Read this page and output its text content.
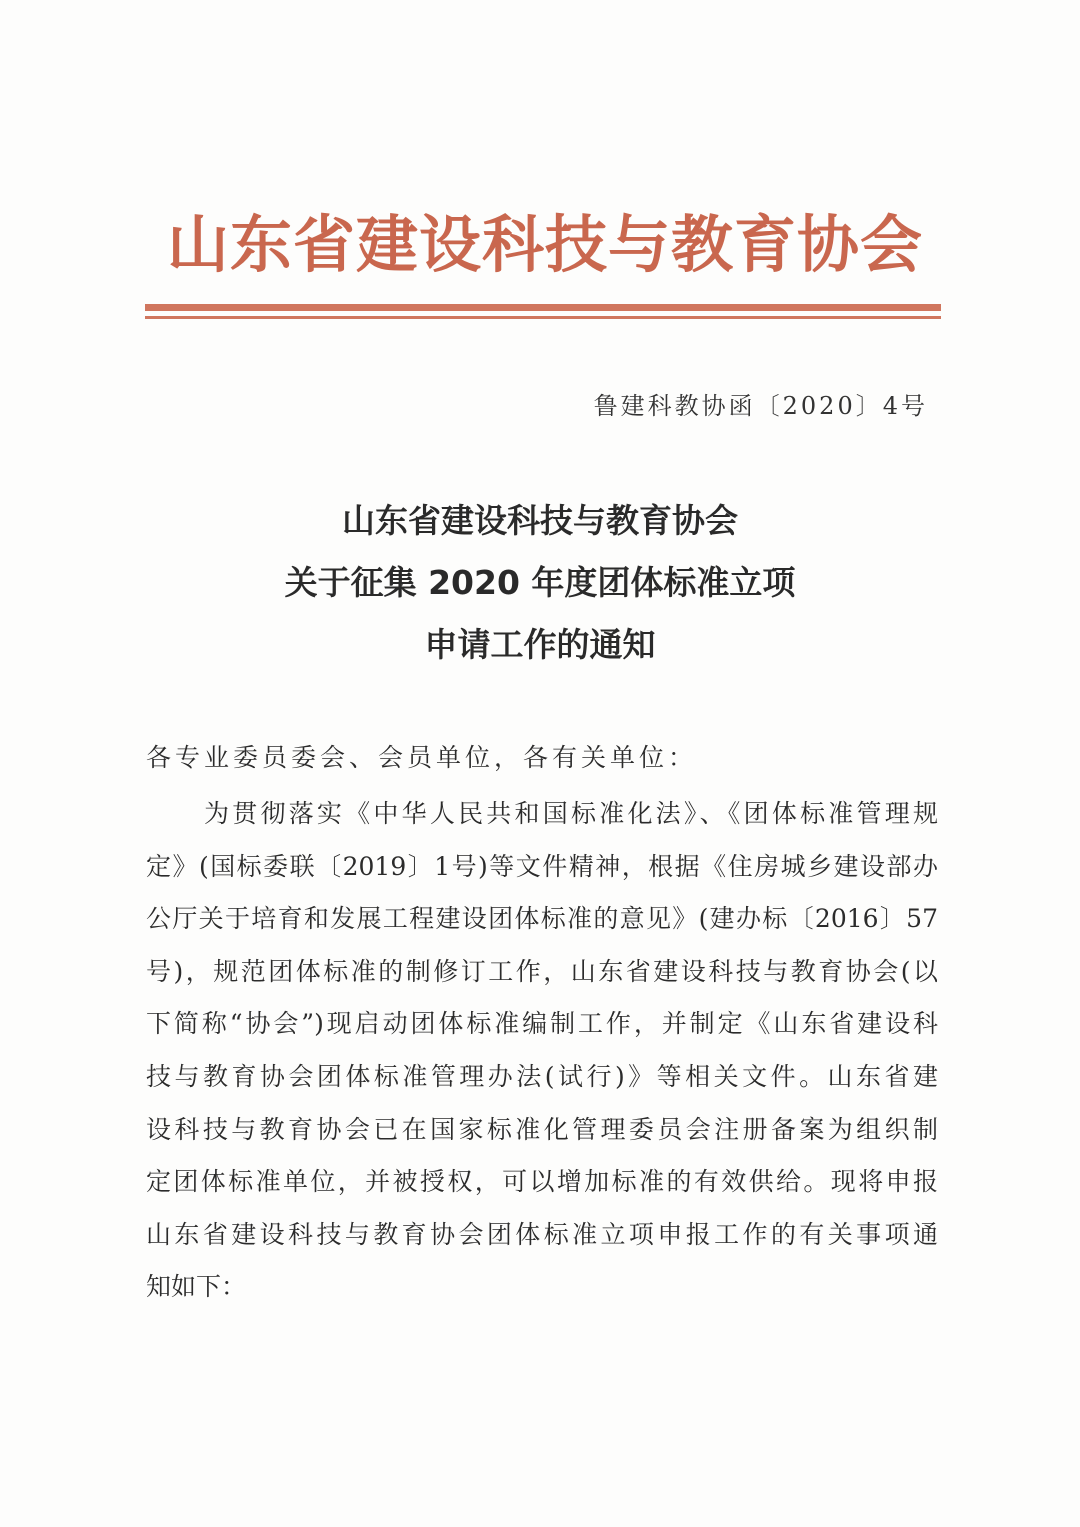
山东省建设科技与教育协会
鲁建科教协函〔2020〕4号
山东省建设科技与教育协会
关于征集 2020 年度团体标准立项
申请工作的通知
各专业委员委会、会员单位，各有关单位：
为贯彻落实《中华人民共和国标准化法》、《团体标准管理规
定》(国标委联〔2019〕1号)等文件精神，根据《住房城乡建设部办
公厅关于培育和发展工程建设团体标准的意见》(建办标〔2016〕57
号)，规范团体标准的制修订工作，山东省建设科技与教育协会(以
下简称“协会”)现启动团体标准编制工作，并制定《山东省建设科
技与教育协会团体标准管理办法(试行)》等相关文件。山东省建
设科技与教育协会已在国家标准化管理委员会注册备案为组织制
定团体标准单位，并被授权，可以增加标准的有效供给。现将申报
山东省建设科技与教育协会团体标准立项申报工作的有关事项通
知如下：
